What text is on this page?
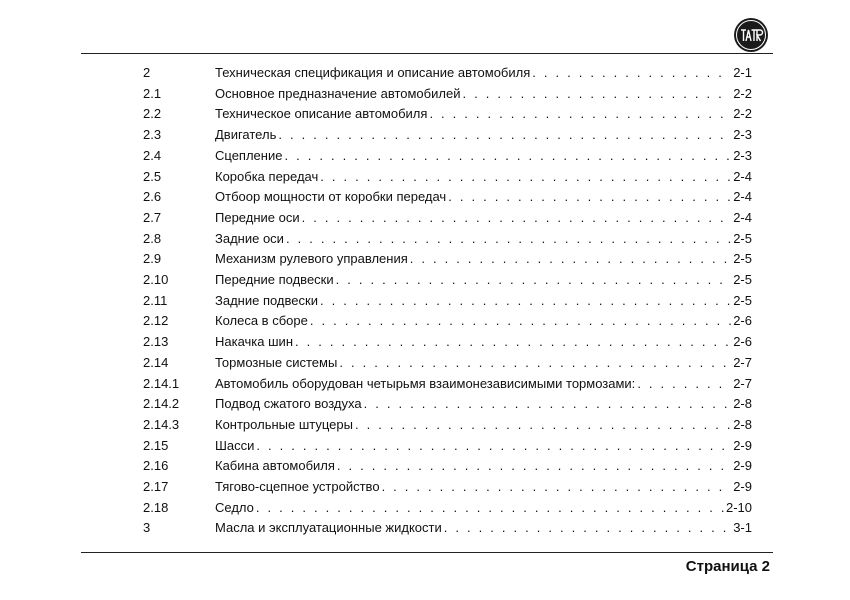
2	Техническая спецификация и описание автомобиля . . .	2-1
2.1	Основное предназначение автомобилей . . .	2-2
2.2	Техническое описание автомобиля . . .	2-2
2.3	Двигатель . . .	2-3
2.4	Сцепление . . .	2-3
2.5	Коробка передач . . .	2-4
2.6	Отбоор мощности от коробки передач . . .	2-4
2.7	Передние оси . . .	2-4
2.8	Задние оси . . .	2-5
2.9	Механизм рулевого управления . . .	2-5
2.10	Передние подвески . . .	2-5
2.11	Задние подвески . . .	2-5
2.12	Колеса в сборе . . .	2-6
2.13	Накачка шин . . .	2-6
2.14	Тормозные системы . . .	2-7
2.14.1	Автомобиль оборудован четырьмя взаимонезависимыми тормозами: . . .	2-7
2.14.2	Подвод сжатого воздуха . . .	2-8
2.14.3	Контрольные штуцеры . . .	2-8
2.15	Шасси . . .	2-9
2.16	Кабина автомобиля . . .	2-9
2.17	Тягово-сцепное устройство . . .	2-9
2.18	Седло . . .	2-10
3	Масла и эксплуатационные жидкости . . .	3-1
Страница 2
